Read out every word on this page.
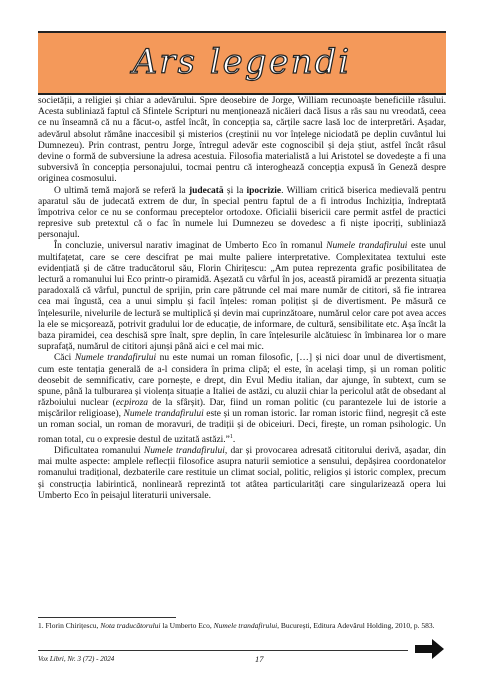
Ars legendi

societății, a religiei și chiar a adevărului. Spre deosebire de Jorge, William recunoaște beneficiile râsului. Acesta subliniază faptul că Sfintele Scripturi nu menționează nicăieri dacă Iisus a râs sau nu vreodată, ceea ce nu înseamnă că nu a făcut-o, astfel încât, în concepția sa, cărțile sacre lasă loc de interpretări. Așadar, adevărul absolut rămâne inaccesibil și misterios (creștinii nu vor înțelege niciodată pe deplin cuvântul lui Dumnezeu). Prin contrast, pentru Jorge, întregul adevăr este cognoscibil și deja știut, astfel încât râsul devine o formă de subversiune la adresa acestuia. Filosofia materialistă a lui Aristotel se dovedește a fi una subversivă în concepția personajului, tocmai pentru că interoghează concepția expusă în Geneză despre originea cosmosului.

O ultimă temă majoră se referă la judecată și la ipocrizie. William critică biserica medievală pentru aparatul său de judecată extrem de dur, în special pentru faptul de a fi introdus Inchiziția, îndreptată împotriva celor ce nu se conformau preceptelor ortodoxe. Oficialii bisericii care permit astfel de practici represive sub pretextul că o fac în numele lui Dumnezeu se dovedesc a fi niște ipocriți, subliniază personajul.

În concluzie, universul narativ imaginat de Umberto Eco în romanul Numele trandafirului este unul multifațetat, care se cere descifrat pe mai multe paliere interpretative. Complexitatea textului este evidențiată și de către traducătorul său, Florin Chirițescu: „Am putea reprezenta grafic posibilitatea de lectură a romanului lui Eco printr-o piramidă. Așezată cu vârful în jos, această piramidă ar prezenta situația paradoxală că vârful, punctul de sprijin, prin care pătrunde cel mai mare număr de cititori, să fie intrarea cea mai îngustă, cea a unui simplu și facil înțeles: roman polițist și de divertisment. Pe măsură ce înțelesurile, nivelurile de lectură se multiplică și devin mai cuprinzătoare, numărul celor care pot avea acces la ele se micșorează, potrivit gradului lor de educație, de informare, de cultură, sensibilitate etc. Așa încât la baza piramidei, cea deschisă spre înalt, spre deplin, în care înțelesurile alcătuiesc în îmbinarea lor o mare suprafață, numărul de cititori ajunși până aici e cel mai mic.

Căci Numele trandafirului nu este numai un roman filosofic, […] și nici doar unul de divertisment, cum este tentația generală de a-l considera în prima clipă; el este, în același timp, și un roman politic deosebit de semnificativ, care pornește, e drept, din Evul Mediu italian, dar ajunge, în subtext, cum se spune, până la tulburarea și violența situație a Italiei de astăzi, cu aluzii chiar la pericolul atât de obsedant al războiului nuclear (ecpiroza de la sfârșit). Dar, fiind un roman politic (cu parantezele lui de istorie a mișcărilor religioase), Numele trandafirului este și un roman istoric. Iar roman istoric fiind, negreșit că este un roman social, un roman de moravuri, de tradiții și de obiceiuri. Deci, firește, un roman psihologic. Un roman total, cu o expresie destul de uzitată astăzi.”$^1$.

Dificultatea romanului Numele trandafirului, dar și provocarea adresată cititorului derivă, așadar, din mai multe aspecte: amplele reflecții filosofice asupra naturii semiotice a sensului, depășirea coordonatelor romanului tradițional, dezbaterile care restituie un climat social, politic, religios și istoric complex, precum și construcția labirintică, nonlineară reprezintă tot atâtea particularități care singularizează opera lui Umberto Eco în peisajul literaturii universale.

1. Florin Chirițescu, Nota traducătorului la Umberto Eco, Numele trandafirului, București, Editura Adevărul Holding, 2010, p. 583.
Vox Libri, Nr. 3 (72) - 2024	17
